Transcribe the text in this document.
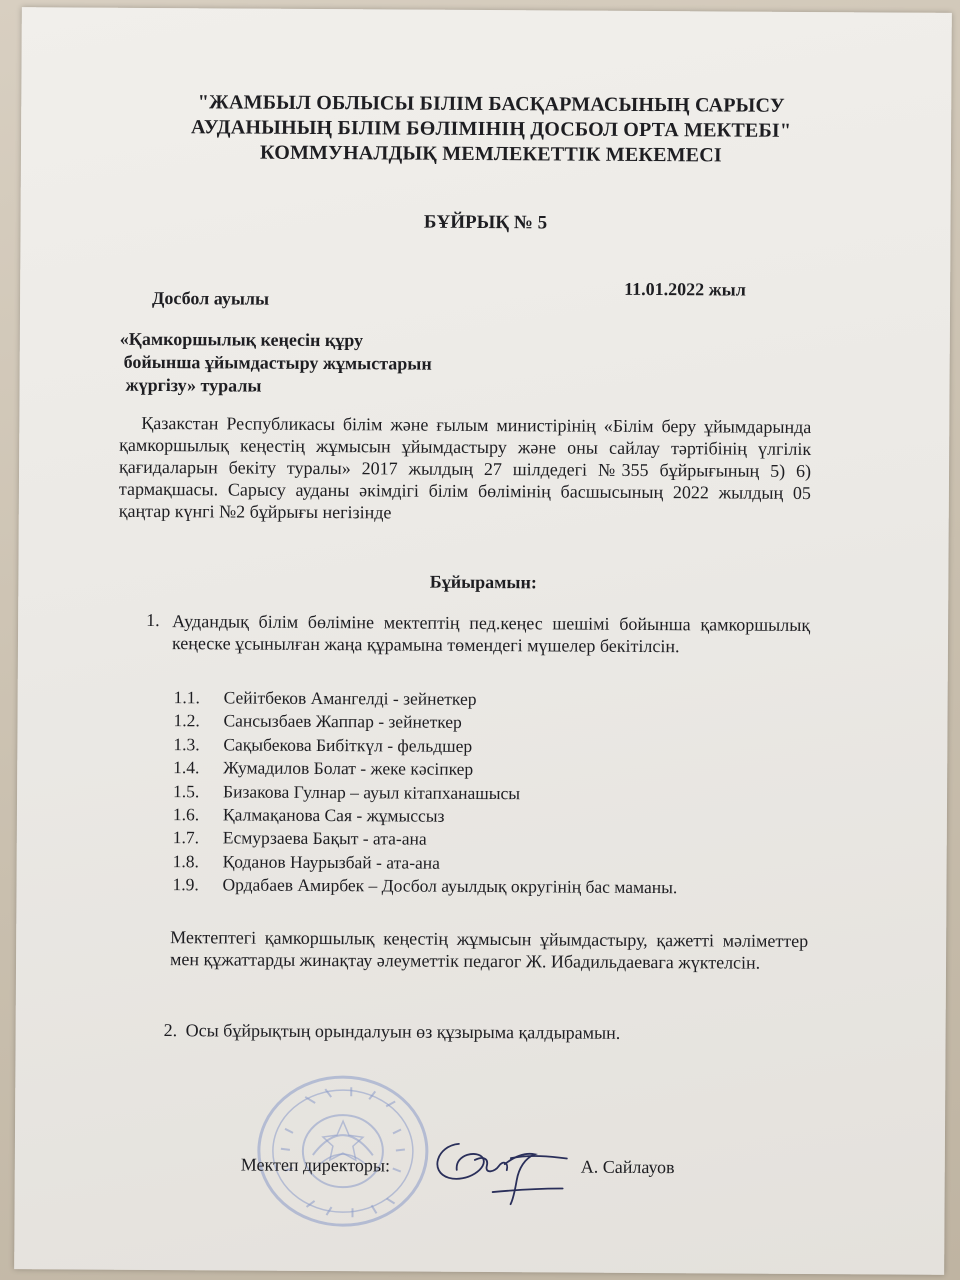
"ЖАМБЫЛ ОБЛЫСЫ БІЛІМ БАСҚАРМАСЫНЫҢ САРЫСУ
АУДАНЫНЫҢ БІЛІМ БӨЛІМІНІҢ ДОСБОЛ ОРТА МЕКТЕБІ"
КОММУНАЛДЫҚ МЕМЛЕКЕТТІК МЕКЕМЕСІ
БҰЙРЫҚ № 5
11.01.2022 жыл
Досбол ауылы
«Қамкоршылық кеңесін құру
бойынша ұйымдастыру жұмыстарын
жүргізу» туралы
Қазакстан Республикасы білім және ғылым министірінің «Білім беру ұйымдарында қамкоршылық кеңестің жұмысын ұйымдастыру және оны сайлау тәртібінің үлгілік қағидаларын бекіту туралы» 2017 жылдың 27 шілдедегі №355 бұйрығының 5) 6) тармақшасы. Сарысу ауданы әкімдігі білім бөлімінің басшысының 2022 жылдың 05 қаңтар күнгі №2 бұйрығы негізінде
Бұйырамын:
1. Аудандық білім бөліміне мектептің пед.кеңес шешімі бойынша қамкоршылық кеңеске ұсынылған жаңа құрамына төмендегі мүшелер бекітілсін.
1.1. Сейітбеков Амангелді - зейнеткер
1.2. Сансызбаев Жаппар - зейнеткер
1.3. Сақыбекова Бибіткүл - фельдшер
1.4. Жумадилов Болат - жеке кәсіпкер
1.5. Бизакова Гулнар – ауыл кітапханашысы
1.6. Қалмақанова Сая - жұмыссыз
1.7. Есмурзаева Бақыт - ата-ана
1.8. Қоданов Наурызбай - ата-ана
1.9. Ордабаев Амирбек – Досбол ауылдық округінің бас маманы.
Мектептегі қамкоршылық кеңестің жұмысын ұйымдастыру, қажетті мәліметтер мен құжаттарды жинақтау әлеуметтік педагог Ж. Ибадильдаевага жүктелсін.
2. Осы бұйрықтың орындалуын өз құзырыма қалдырамын.
Мектеп директоры:	А. Сайлауов
